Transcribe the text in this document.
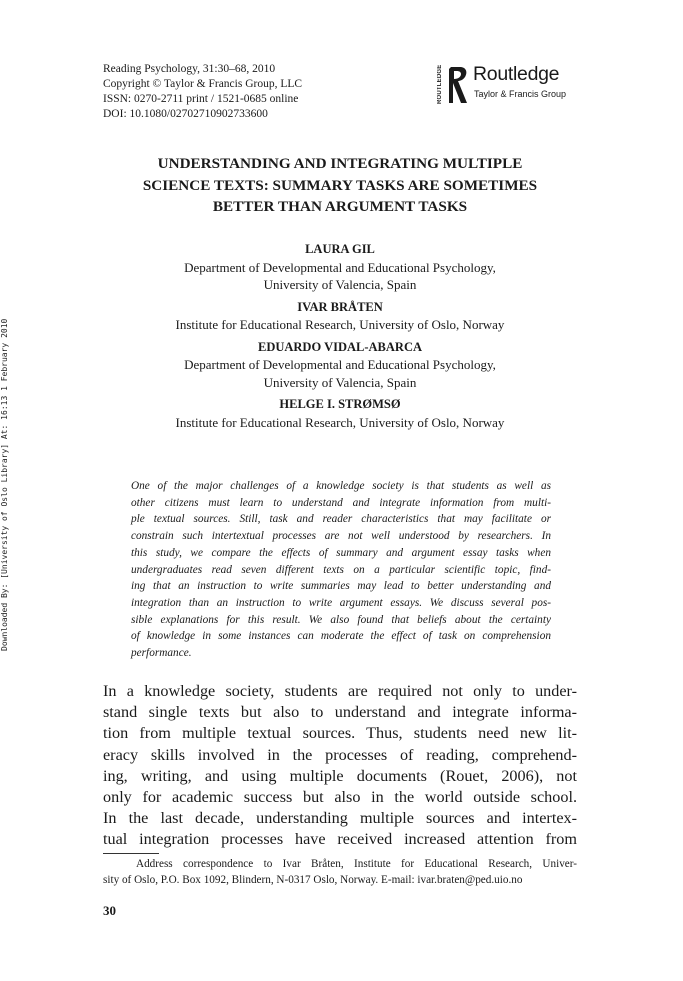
Reading Psychology, 31:30–68, 2010
Copyright © Taylor & Francis Group, LLC
ISSN: 0270-2711 print / 1521-0685 online
DOI: 10.1080/02702710902733600
ROUTLEDGE Routledge
Taylor & Francis Group
UNDERSTANDING AND INTEGRATING MULTIPLE
SCIENCE TEXTS: SUMMARY TASKS ARE SOMETIMES
BETTER THAN ARGUMENT TASKS
LAURA GIL
Department of Developmental and Educational Psychology,
University of Valencia, Spain
IVAR BRÅTEN
Institute for Educational Research, University of Oslo, Norway
EDUARDO VIDAL-ABARCA
Department of Developmental and Educational Psychology,
University of Valencia, Spain
HELGE I. STRØMSØ
Institute for Educational Research, University of Oslo, Norway
One of the major challenges of a knowledge society is that students as well as
other citizens must learn to understand and integrate information from multi-
ple textual sources. Still, task and reader characteristics that may facilitate or
constrain such intertextual processes are not well understood by researchers. In
this study, we compare the effects of summary and argument essay tasks when
undergraduates read seven different texts on a particular scientific topic, find-
ing that an instruction to write summaries may lead to better understanding and
integration than an instruction to write argument essays. We discuss several pos-
sible explanations for this result. We also found that beliefs about the certainty
of knowledge in some instances can moderate the effect of task on comprehension
performance.
In a knowledge society, students are required not only to under-
stand single texts but also to understand and integrate informa-
tion from multiple textual sources. Thus, students need new lit-
eracy skills involved in the processes of reading, comprehend-
ing, writing, and using multiple documents (Rouet, 2006), not
only for academic success but also in the world outside school.
In the last decade, understanding multiple sources and intertex-
tual integration processes have received increased attention from
Address correspondence to Ivar Bråten, Institute for Educational Research, Univer-
sity of Oslo, P.O. Box 1092, Blindern, N-0317 Oslo, Norway. E-mail: ivar.braten@ped.uio.no
30
Downloaded By: [University of Oslo Library] At: 16:13 1 February 2010
